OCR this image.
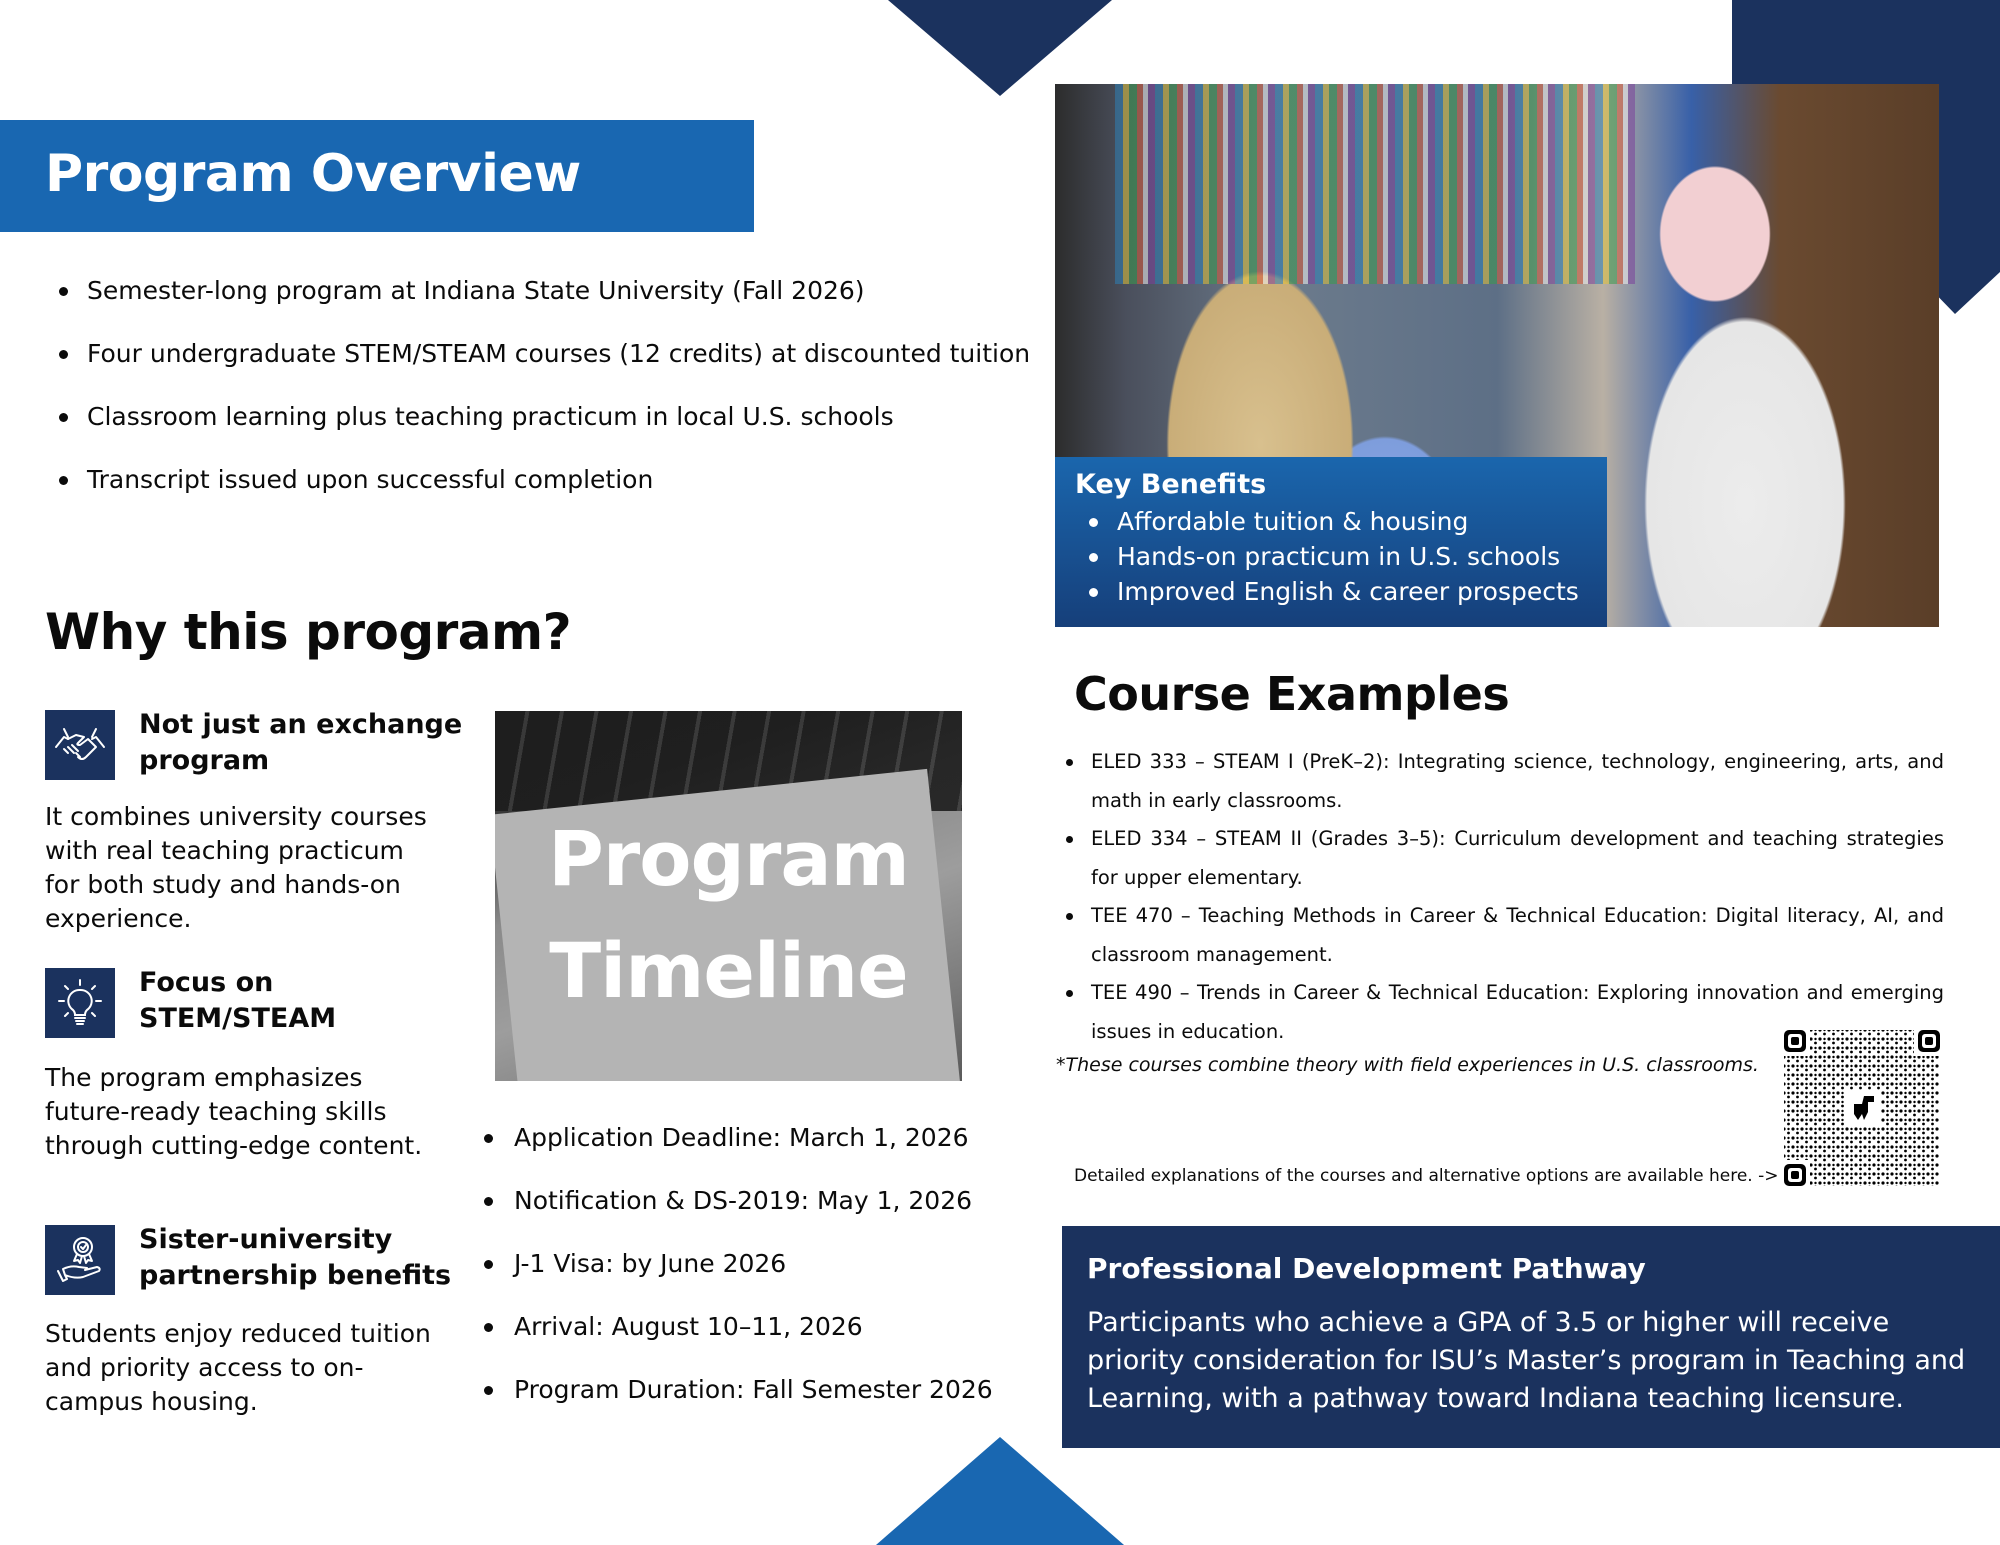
Program Overview
Semester-long program at Indiana State University (Fall 2026)
Four undergraduate STEM/STEAM courses (12 credits) at discounted tuition
Classroom learning plus teaching practicum in local U.S. schools
Transcript issued upon successful completion
Why this program?
Not just an exchange program
It combines university courses with real teaching practicum for both study and hands-on experience.
Focus on STEM/STEAM
The program emphasizes future-ready teaching skills through cutting-edge content.
Sister-university partnership benefits
Students enjoy reduced tuition and priority access to on-campus housing.
Program
Timeline
Application Deadline: March 1, 2026
Notification & DS-2019: May 1, 2026
J-1 Visa: by June 2026
Arrival: August 10–11, 2026
Program Duration: Fall Semester 2026
Key Benefits
Affordable tuition & housing
Hands-on practicum in U.S. schools
Improved English & career prospects
Course Examples
ELED 333 – STEAM I (PreK–2): Integrating science, technology, engineering, arts, and math in early classrooms.
ELED 334 – STEAM II (Grades 3–5): Curriculum development and teaching strategies for upper elementary.
TEE 470 – Teaching Methods in Career & Technical Education: Digital literacy, AI, and classroom management.
TEE 490 – Trends in Career & Technical Education: Exploring innovation and emerging issues in education.
*These courses combine theory with field experiences in U.S. classrooms.
Detailed explanations of the courses and alternative options are available here. ->
Professional Development Pathway
Participants who achieve a GPA of 3.5 or higher will receive priority consideration for ISU’s Master’s program in Teaching and Learning, with a pathway toward Indiana teaching licensure.
